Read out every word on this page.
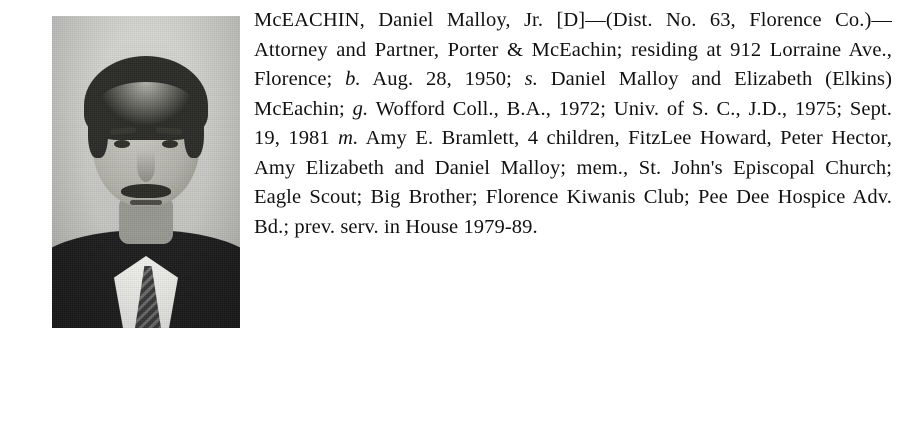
McEACHIN, Daniel Malloy, Jr. [D]—(Dist. No. 63, Florence Co.)—Attorney and Partner, Porter & McEachin; residing at 912 Lorraine Ave., Florence; b. Aug. 28, 1950; s. Daniel Malloy and Elizabeth (Elkins) McEachin; g. Wofford Coll., B.A., 1972; Univ. of S. C., J.D., 1975; Sept. 19, 1981 m. Amy E. Bramlett, 4 children, FitzLee Howard, Peter Hector, Amy Elizabeth and Daniel Malloy; mem., St. John's Episcopal Church; Eagle Scout; Big Brother; Florence Kiwanis Club; Pee Dee Hospice Adv. Bd.; prev. serv. in House 1979-89.
